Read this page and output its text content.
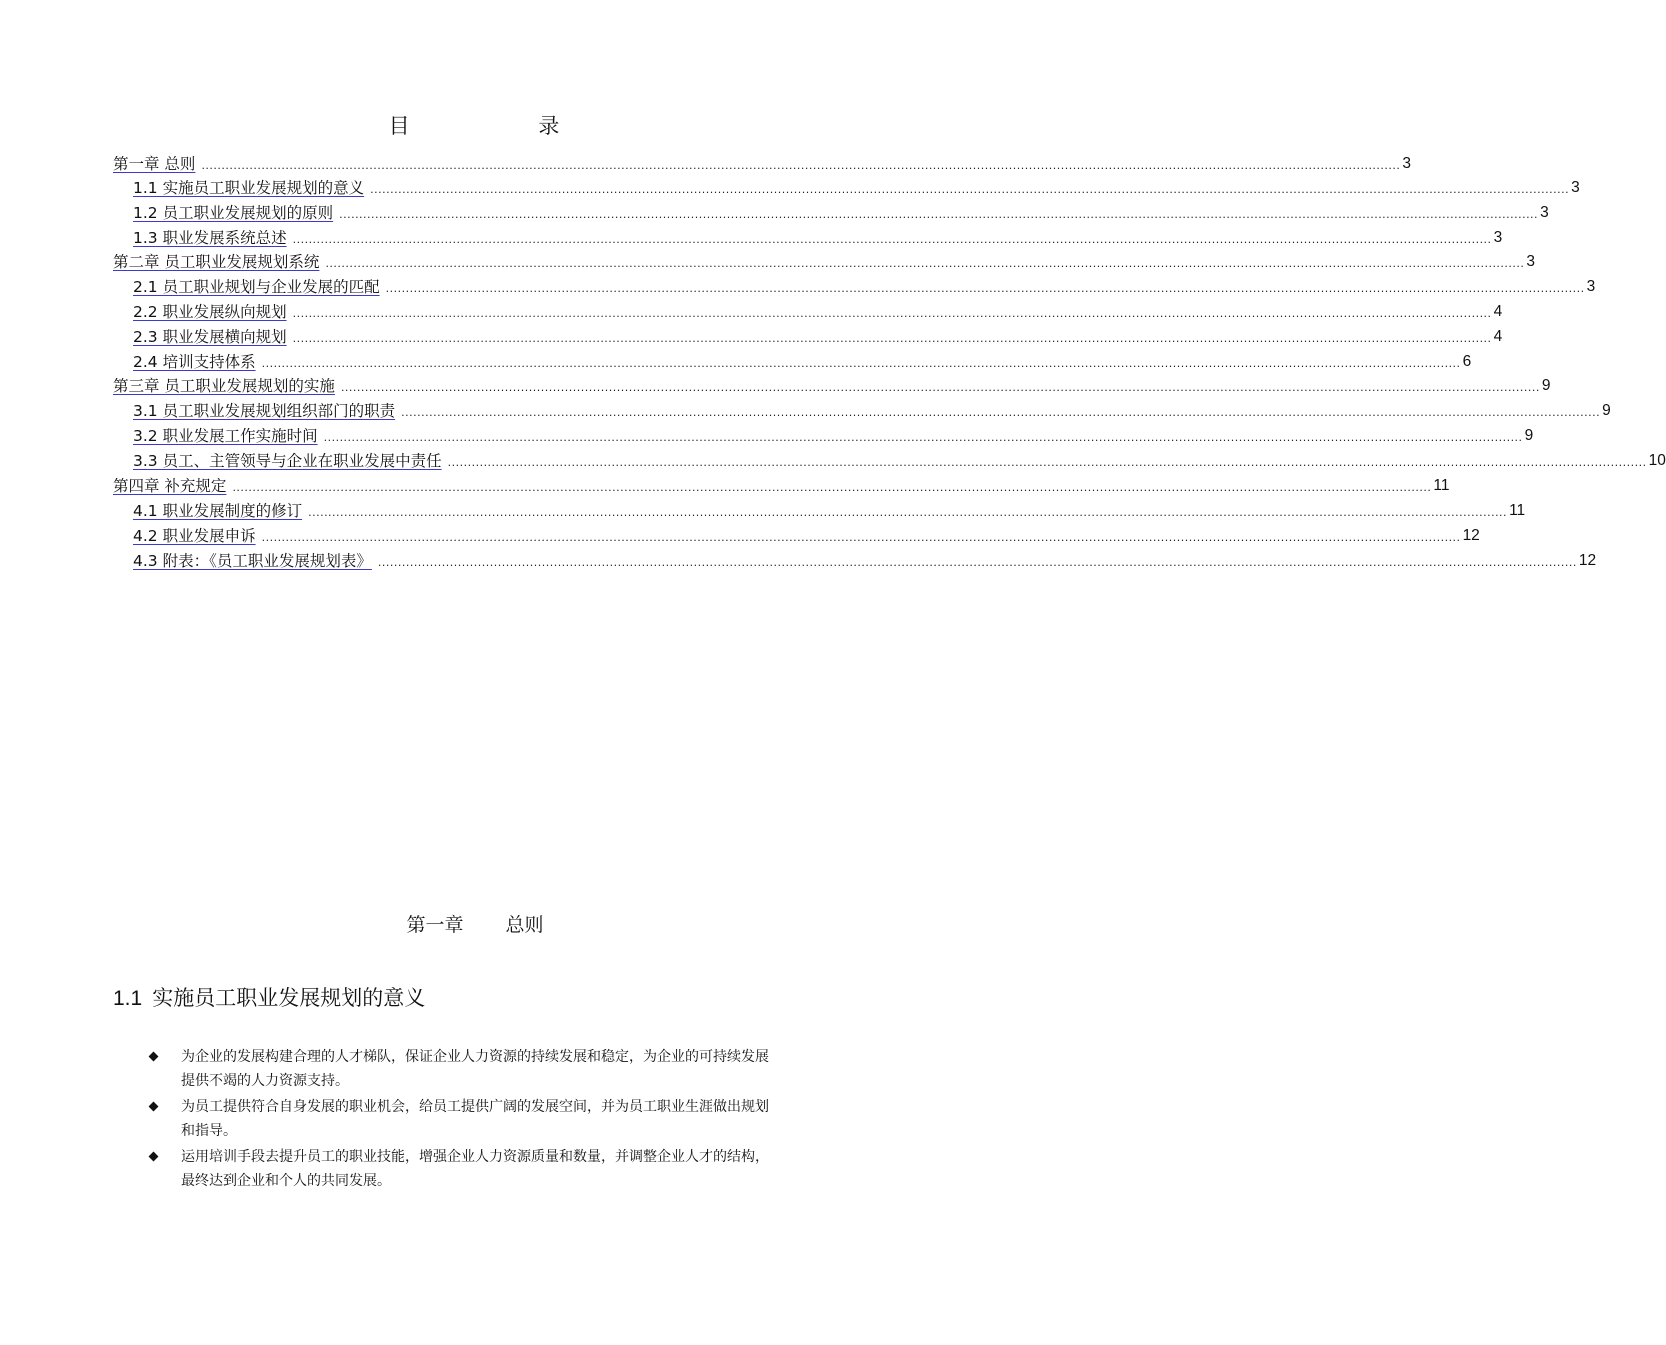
目 录
第一章 总则 ............................................................................................................................................................................................................................................................................................................ 3
1.1 实施员工职业发展规划的意义 ............................................................................................................................................................................................................................................................................................................ 3
1.2 员工职业发展规划的原则 ............................................................................................................................................................................................................................................................................................................ 3
1.3 职业发展系统总述 ............................................................................................................................................................................................................................................................................................................ 3
第二章 员工职业发展规划系统 ............................................................................................................................................................................................................................................................................................................ 3
2.1 员工职业规划与企业发展的匹配 ............................................................................................................................................................................................................................................................................................................ 3
2.2 职业发展纵向规划 ............................................................................................................................................................................................................................................................................................................ 4
2.3 职业发展横向规划 ............................................................................................................................................................................................................................................................................................................ 4
2.4 培训支持体系 ............................................................................................................................................................................................................................................................................................................ 6
第三章 员工职业发展规划的实施 ............................................................................................................................................................................................................................................................................................................ 9
3.1 员工职业发展规划组织部门的职责 ............................................................................................................................................................................................................................................................................................................ 9
3.2 职业发展工作实施时间 ............................................................................................................................................................................................................................................................................................................ 9
3.3 员工、主管领导与企业在职业发展中责任 ............................................................................................................................................................................................................................................................................................................ 10
第四章 补充规定 ............................................................................................................................................................................................................................................................................................................ 11
4.1 职业发展制度的修订 ............................................................................................................................................................................................................................................................................................................ 11
4.2 职业发展申诉 ............................................................................................................................................................................................................................................................................................................ 12
4.3 附表：《员工职业发展规划表》 ............................................................................................................................................................................................................................................................................................................ 12
第一章 总则
1.1 实施员工职业发展规划的意义
为企业的发展构建合理的人才梯队，保证企业人力资源的持续发展和稳定，为企业的可持续发展提供不竭的人力资源支持。
为员工提供符合自身发展的职业机会，给员工提供广阔的发展空间，并为员工职业生涯做出规划和指导。
运用培训手段去提升员工的职业技能，增强企业人力资源质量和数量，并调整企业人才的结构，最终达到企业和个人的共同发展。
